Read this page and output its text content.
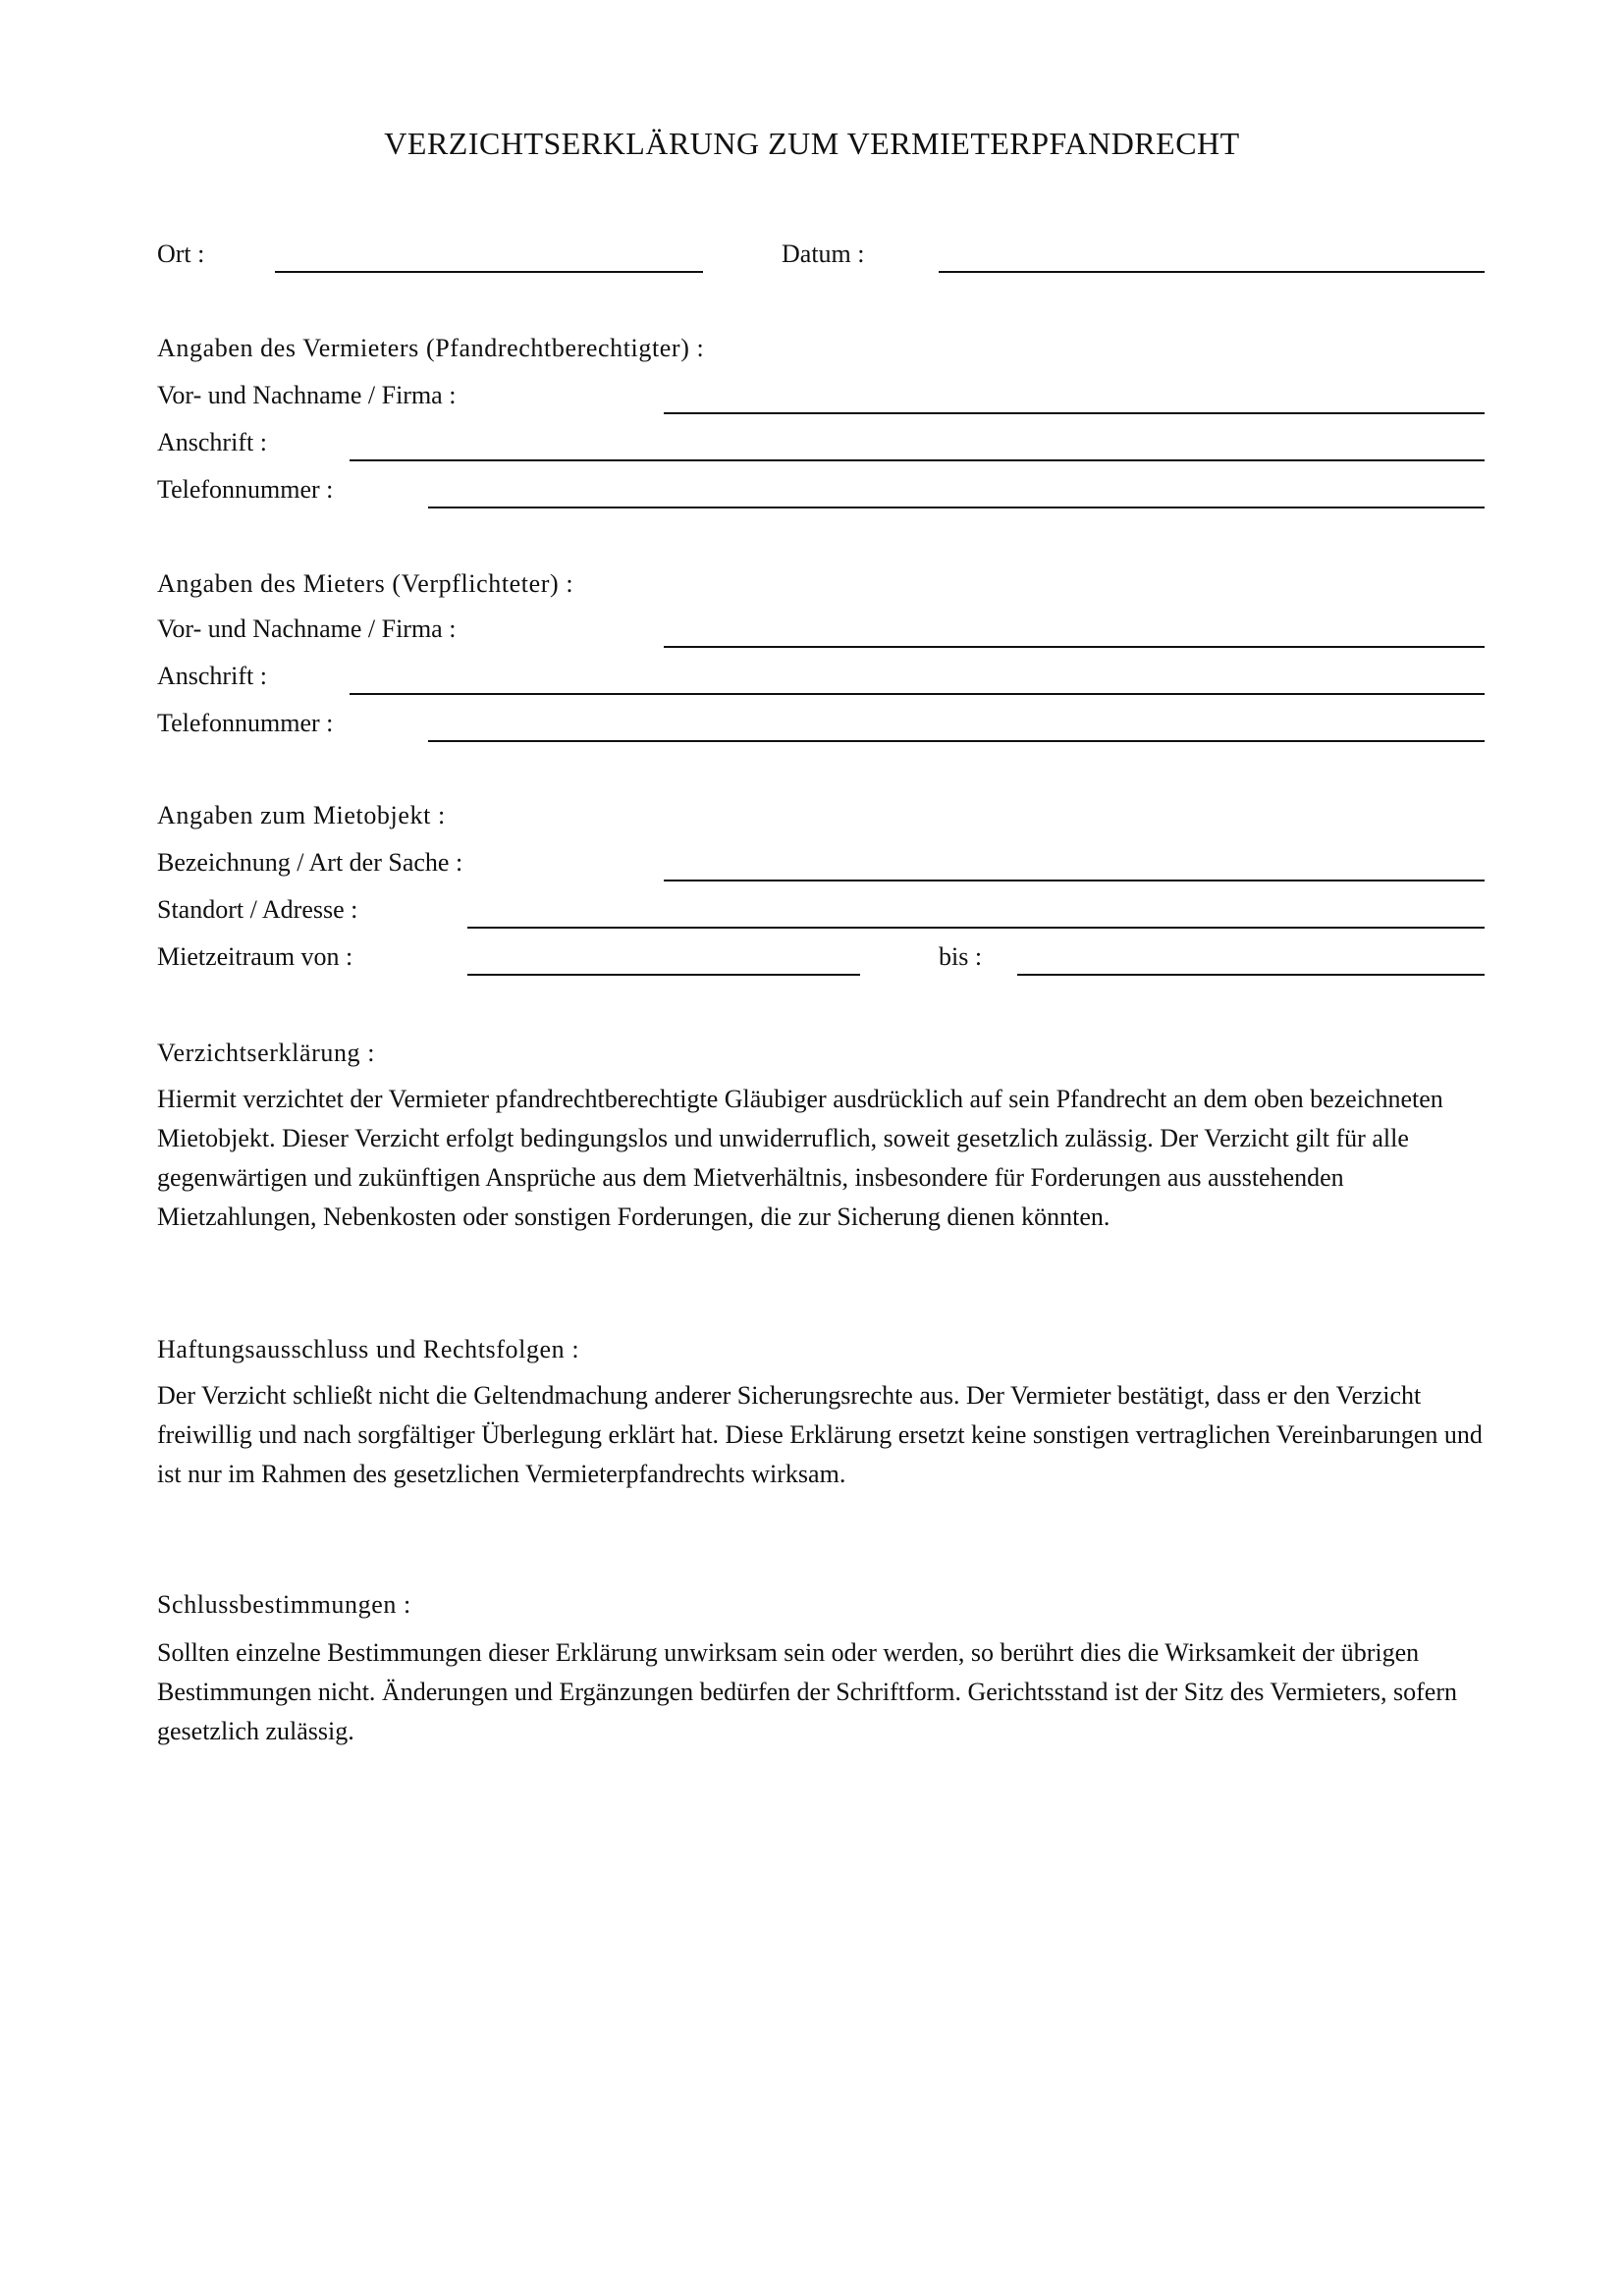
VERZICHTSERKLÄRUNG ZUM VERMIETERPFANDRECHT
Ort :	Datum :
Angaben des Vermieters (Pfandrechtberechtigter) :
Vor- und Nachname / Firma :
Anschrift :
Telefonnummer :
Angaben des Mieters (Verpflichteter) :
Vor- und Nachname / Firma :
Anschrift :
Telefonnummer :
Angaben zum Mietobjekt :
Bezeichnung / Art der Sache :
Standort / Adresse :
Mietzeitraum von :	bis :
Verzichtserklärung :
Hiermit verzichtet der Vermieter pfandrechtberechtigte Gläubiger ausdrücklich auf sein Pfandrecht an dem oben bezeichneten Mietobjekt. Dieser Verzicht erfolgt bedingungslos und unwiderruflich, soweit gesetzlich zulässig. Der Verzicht gilt für alle gegenwärtigen und zukünftigen Ansprüche aus dem Mietverhältnis, insbesondere für Forderungen aus ausstehenden Mietzahlungen, Nebenkosten oder sonstigen Forderungen, die zur Sicherung dienen könnten.
Haftungsausschluss und Rechtsfolgen :
Der Verzicht schließt nicht die Geltendmachung anderer Sicherungsrechte aus. Der Vermieter bestätigt, dass er den Verzicht freiwillig und nach sorgfältiger Überlegung erklärt hat. Diese Erklärung ersetzt keine sonstigen vertraglichen Vereinbarungen und ist nur im Rahmen des gesetzlichen Vermieterpfandrechts wirksam.
Schlussbestimmungen :
Sollten einzelne Bestimmungen dieser Erklärung unwirksam sein oder werden, so berührt dies die Wirksamkeit der übrigen Bestimmungen nicht. Änderungen und Ergänzungen bedürfen der Schriftform. Gerichtsstand ist der Sitz des Vermieters, sofern gesetzlich zulässig.
